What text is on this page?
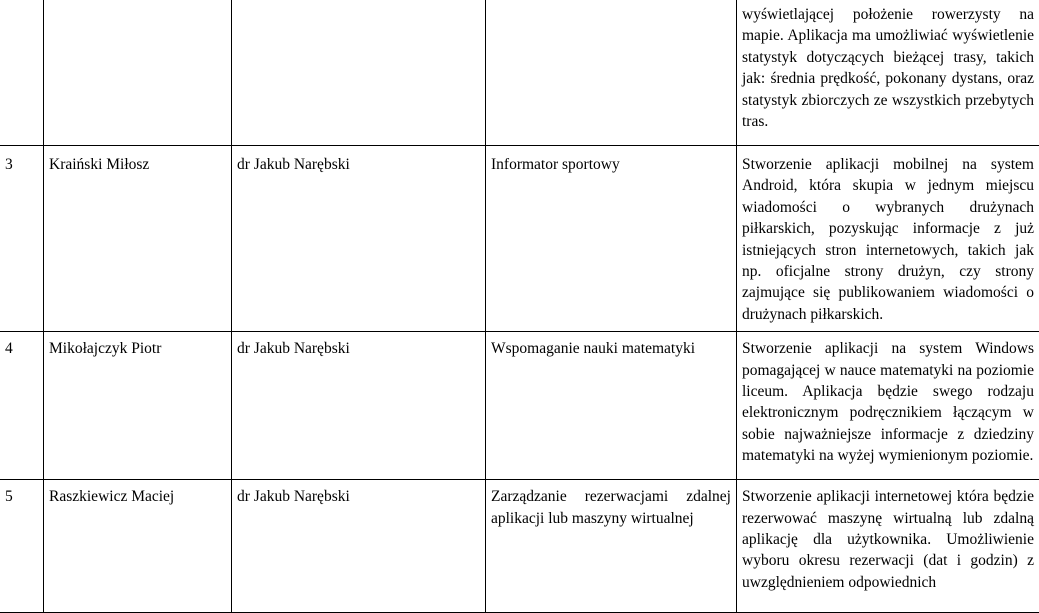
				wyświetlającej położenie rowerzysty na mapie. Aplikacja ma umożliwiać wyświetlenie statystyk dotyczących bieżącej trasy, takich jak: średnia prędkość, pokonany dystans, oraz statystyk zbiorczych ze wszystkich przebytych tras.

3	Kraiński Miłosz	dr Jakub Narębski	Informator sportowy	Stworzenie aplikacji mobilnej na system Android, która skupia w jednym miejscu wiadomości o wybranych drużynach piłkarskich, pozyskując informacje z już istniejących stron internetowych, takich jak np. oficjalne strony drużyn, czy strony zajmujące się publikowaniem wiadomości o drużynach piłkarskich.

4	Mikołajczyk Piotr	dr Jakub Narębski	Wspomaganie nauki matematyki	Stworzenie aplikacji na system Windows pomagającej w nauce matematyki na poziomie liceum. Aplikacja będzie swego rodzaju elektronicznym podręcznikiem łączącym w sobie najważniejsze informacje z dziedziny matematyki na wyżej wymienionym poziomie.

5	Raszkiewicz Maciej	dr Jakub Narębski	Zarządzanie rezerwacjami zdalnej aplikacji lub maszyny wirtualnej	Stworzenie aplikacji internetowej która będzie rezerwować maszynę wirtualną lub zdalną aplikację dla użytkownika. Umożliwienie wyboru okresu rezerwacji (dat i godzin) z uwzględnieniem odpowiednich
